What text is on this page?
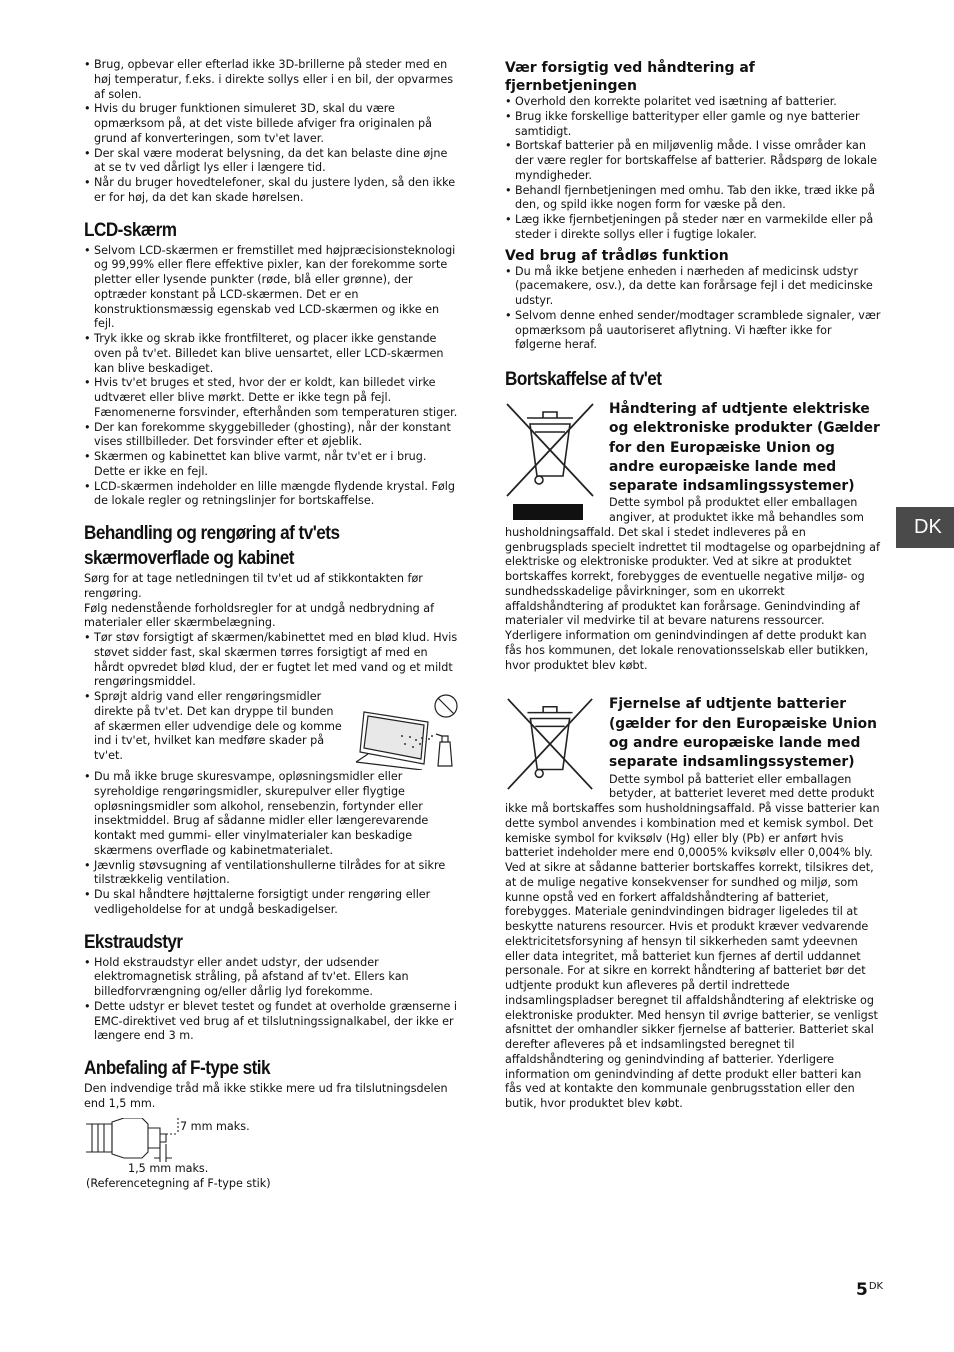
• Brug, opbevar eller efterlad ikke 3D-brillerne på steder med en høj temperatur, f.eks. i direkte sollys eller i en bil, der opvarmes af solen.
• Hvis du bruger funktionen simuleret 3D, skal du være opmærksom på, at det viste billede afviger fra originalen på grund af konverteringen, som tv'et laver.
• Der skal være moderat belysning, da det kan belaste dine øjne at se tv ved dårligt lys eller i længere tid.
• Når du bruger hovedtelefoner, skal du justere lyden, så den ikke er for høj, da det kan skade hørelsen.
LCD-skærm
• Selvom LCD-skærmen er fremstillet med højpræcisionsteknologi og 99,99% eller flere effektive pixler, kan der forekomme sorte pletter eller lysende punkter (røde, blå eller grønne), der optræder konstant på LCD-skærmen. Det er en konstruktionsmæssig egenskab ved LCD-skærmen og ikke en fejl.
• Tryk ikke og skrab ikke frontfilteret, og placer ikke genstande oven på tv'et. Billedet kan blive uensartet, eller LCD-skærmen kan blive beskadiget.
• Hvis tv'et bruges et sted, hvor der er koldt, kan billedet virke udtværet eller blive mørkt. Dette er ikke tegn på fejl. Fænomenerne forsvinder, efterhånden som temperaturen stiger.
• Der kan forekomme skyggebilleder (ghosting), når der konstant vises stillbilleder. Det forsvinder efter et øjeblik.
• Skærmen og kabinettet kan blive varmt, når tv'et er i brug. Dette er ikke en fejl.
• LCD-skærmen indeholder en lille mængde flydende krystal. Følg de lokale regler og retningslinjer for bortskaffelse.
Behandling og rengøring af tv'ets
skærmoverflade og kabinet

Sørg for at tage netledningen til tv'et ud af stikkontakten før rengøring.

Følg nedenstående forholdsregler for at undgå nedbrydning af materialer eller skærmbelægning.

• Tør støv forsigtigt af skærmen/kabinettet med en blød klud. Hvis støvet sidder fast, skal skærmen tørres forsigtigt af med en hårdt opvredet blød klud, der er fugtet let med vand og et mildt rengøringsmiddel.
• Sprøjt aldrig vand eller rengøringsmidler direkte på tv'et. Det kan dryppe til bunden af skærmen eller udvendige dele og komme ind i tv'et, hvilket kan medføre skader på tv'et.
• Du må ikke bruge skuresvampe, opløsningsmidler eller syreholdige rengøringsmidler, skurepulver eller flygtige opløsningsmidler som alkohol, rensebenzin, fortynder eller insektmiddel. Brug af sådanne midler eller længerevarende kontakt med gummi- eller vinylmaterialer kan beskadige skærmens overflade og kabinetmaterialet.
• Jævnlig støvsugning af ventilationshullerne tilrådes for at sikre tilstrækkelig ventilation.
• Du skal håndtere højttalerne forsigtigt under rengøring eller vedligeholdelse for at undgå beskadigelser.
Ekstraudstyr
• Hold ekstraudstyr eller andet udstyr, der udsender elektromagnetisk stråling, på afstand af tv'et. Ellers kan billedforvrængning og/eller dårlig lyd forekomme.
• Dette udstyr er blevet testet og fundet at overholde grænserne i EMC-direktivet ved brug af et tilslutningssignalkabel, der ikke er længere end 3 m.
Anbefaling af F-type stik

Den indvendige tråd må ikke stikke mere ud fra tilslutningsdelen end 1,5 mm.

7 mm maks.
1,5 mm maks.
(Referencetegning af F-type stik)
Vær forsigtig ved håndtering af fjernbetjeningen
• Overhold den korrekte polaritet ved isætning af batterier.
• Brug ikke forskellige batterityper eller gamle og nye batterier samtidigt.
• Bortskaf batterier på en miljøvenlig måde. I visse områder kan der være regler for bortskaffelse af batterier. Rådspørg de lokale myndigheder.
• Behandl fjernbetjeningen med omhu. Tab den ikke, træd ikke på den, og spild ikke nogen form for væske på den.
• Læg ikke fjernbetjeningen på steder nær en varmekilde eller på steder i direkte sollys eller i fugtige lokaler.
Ved brug af trådløs funktion
• Du må ikke betjene enheden i nærheden af medicinsk udstyr (pacemakere, osv.), da dette kan forårsage fejl i det medicinske udstyr.
• Selvom denne enhed sender/modtager scramblede signaler, vær opmærksom på uautoriseret aflytning. Vi hæfter ikke for følgerne heraf.
Bortskaffelse af tv'et
Håndtering af udtjente elektriske og elektroniske produkter (Gælder for den Europæiske Union og andre europæiske lande med separate indsamlingssystemer)

Dette symbol på produktet eller emballagen angiver, at produktet ikke må behandles som husholdningsaffald. Det skal i stedet indleveres på en genbrugsplads specielt indrettet til modtagelse og oparbejdning af elektriske og elektroniske produkter. Ved at sikre at produktet bortskaffes korrekt, forebygges de eventuelle negative miljø- og sundhedsskadelige påvirkninger, som en ukorrekt affaldshåndtering af produktet kan forårsage. Genindvinding af materialer vil medvirke til at bevare naturens ressourcer. Yderligere information om genindvindingen af dette produkt kan fås hos kommunen, det lokale renovationsselskab eller butikken, hvor produktet blev købt.

Fjernelse af udtjente batterier (gælder for den Europæiske Union og andre europæiske lande med separate indsamlingssystemer)

Dette symbol på batteriet eller emballagen betyder, at batteriet leveret med dette produkt ikke må bortskaffes som husholdningsaffald. På visse batterier kan dette symbol anvendes i kombination med et kemisk symbol. Det kemiske symbol for kviksølv (Hg) eller bly (Pb) er anført hvis batteriet indeholder mere end 0,0005% kviksølv eller 0,004% bly. Ved at sikre at sådanne batterier bortskaffes korrekt, tilsikres det, at de mulige negative konsekvenser for sundhed og miljø, som kunne opstå ved en forkert affaldshåndtering af batteriet, forebygges. Materiale genindvindingen bidrager ligeledes til at beskytte naturens resourcer. Hvis et produkt kræver vedvarende elektricitetsforsyning af hensyn til sikkerheden samt ydeevnen eller data integritet, må batteriet kun fjernes af dertil uddannet personale. For at sikre en korrekt håndtering af batteriet bør det udtjente produkt kun afleveres på dertil indrettede indsamlingspladser beregnet til affaldshåndtering af elektriske og elektroniske produkter. Med hensyn til øvrige batterier, se venligst afsnittet der omhandler sikker fjernelse af batterier. Batteriet skal derefter afleveres på et indsamlingsted beregnet til affaldshåndtering og genindvinding af batterier. Yderligere information om genindvinding af dette produkt eller batteri kan fås ved at kontakte den kommunale genbrugsstation eller den butik, hvor produktet blev købt.

DK
$5^{DK}$
